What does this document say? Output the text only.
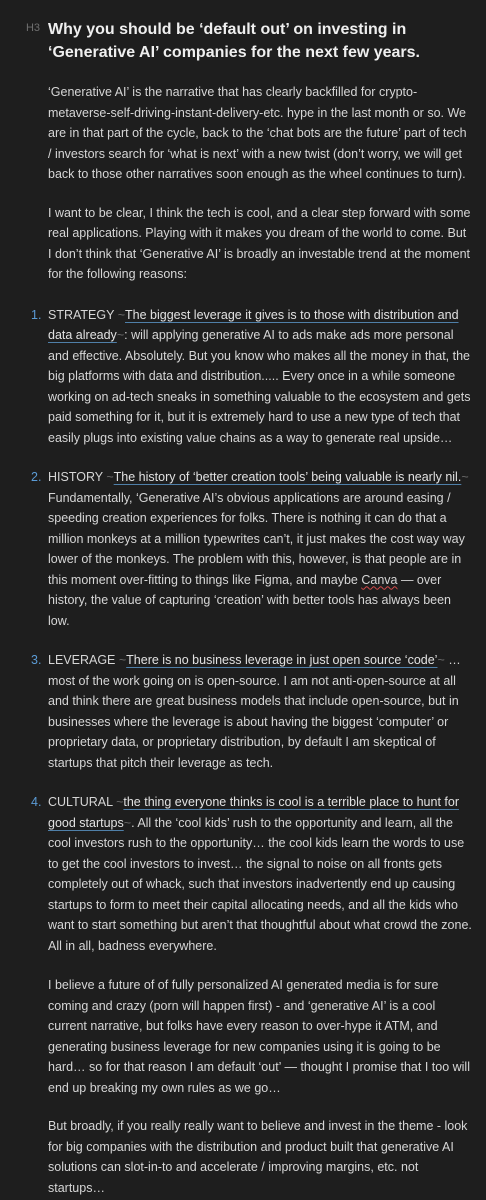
H3 Why you should be ‘default out’ on investing in ‘Generative AI’ companies for the next few years.

‘Generative AI’ is the narrative that has clearly backfilled for crypto-metaverse-self-driving-instant-delivery-etc. hype in the last month or so. We are in that part of the cycle, back to the ‘chat bots are the future’ part of tech / investors search for ‘what is next’ with a new twist (don’t worry, we will get back to those other narratives soon enough as the wheel continues to turn).

I want to be clear, I think the tech is cool, and a clear step forward with some real applications. Playing with it makes you dream of the world to come. But I don’t think that ‘Generative AI’ is broadly an investable trend at the moment for the following reasons:

1. STRATEGY ~The biggest leverage it gives is to those with distribution and data already~: will applying generative AI to ads make ads more personal and effective. Absolutely. But you know who makes all the money in that, the big platforms with data and distribution..... Every once in a while someone working on ad-tech sneaks in something valuable to the ecosystem and gets paid something for it, but it is extremely hard to use a new type of tech that easily plugs into existing value chains as a way to generate real upside…
2. HISTORY ~The history of ‘better creation tools’ being valuable is nearly nil.~ Fundamentally, ‘Generative AI’s obvious applications are around easing / speeding creation experiences for folks. There is nothing it can do that a million monkeys at a million typewrites can’t, it just makes the cost way way lower of the monkeys. The problem with this, however, is that people are in this moment over-fitting to things like Figma, and maybe Canva — over history, the value of capturing ‘creation’ with better tools has always been low.
3. LEVERAGE ~There is no business leverage in just open source ‘code’~ … most of the work going on is open-source. I am not anti-open-source at all and think there are great business models that include open-source, but in businesses where the leverage is about having the biggest ‘computer’ or proprietary data, or proprietary distribution, by default I am skeptical of startups that pitch their leverage as tech.
4. CULTURAL ~the thing everyone thinks is cool is a terrible place to hunt for good startups~. All the ‘cool kids’ rush to the opportunity and learn, all the cool investors rush to the opportunity… the cool kids learn the words to use to get the cool investors to invest… the signal to noise on all fronts gets completely out of whack, such that investors inadvertently end up causing startups to form to meet their capital allocating needs, and all the kids who want to start something but aren’t that thoughtful about what crowd the zone. All in all, badness everywhere.

I believe a future of of fully personalized AI generated media is for sure coming and crazy (porn will happen first) - and ‘generative AI’ is a cool current narrative, but folks have every reason to over-hype it ATM, and generating business leverage for new companies using it is going to be hard… so for that reason I am default ‘out’ — thought I promise that I too will end up breaking my own rules as we go…

But broadly, if you really really want to believe and invest in the theme - look for big companies with the distribution and product built that generative AI solutions can slot-in-to and accelerate / improving margins, etc. not startups…
